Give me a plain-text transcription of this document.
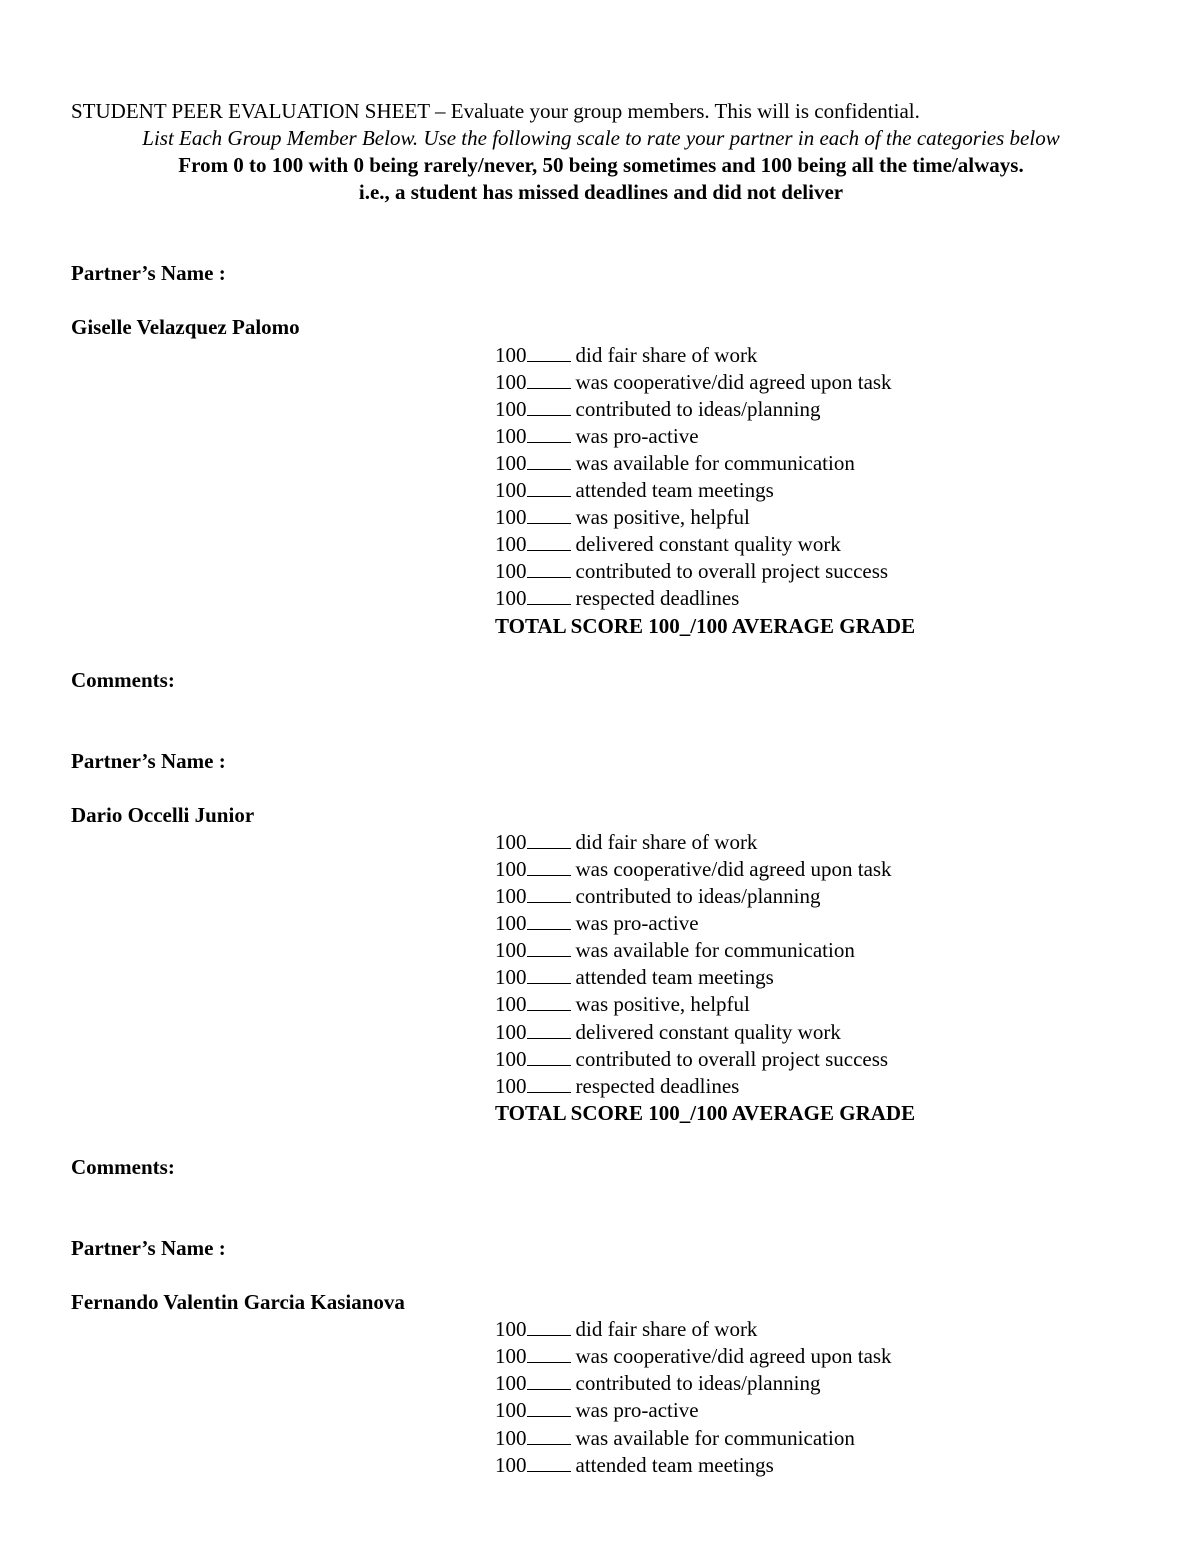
STUDENT PEER EVALUATION SHEET – Evaluate your group members. This will is confidential.
List Each Group Member Below. Use the following scale to rate your partner in each of the categories below
From 0 to 100 with 0 being rarely/never, 50 being sometimes and 100 being all the time/always.
i.e., a student has missed deadlines and did not deliver
Partner’s Name :
Giselle Velazquez Palomo
100 did fair share of work
100 was cooperative/did agreed upon task
100 contributed to ideas/planning
100 was pro-active
100 was available for communication
100 attended team meetings
100 was positive, helpful
100 delivered constant quality work
100 contributed to overall project success
100 respected deadlines
TOTAL SCORE 100_/100 AVERAGE GRADE
Comments:
Partner’s Name :
Dario Occelli Junior
100 did fair share of work
100 was cooperative/did agreed upon task
100 contributed to ideas/planning
100 was pro-active
100 was available for communication
100 attended team meetings
100 was positive, helpful
100 delivered constant quality work
100 contributed to overall project success
100 respected deadlines
TOTAL SCORE 100_/100 AVERAGE GRADE
Comments:
Partner’s Name :
Fernando Valentin Garcia Kasianova
100 did fair share of work
100 was cooperative/did agreed upon task
100 contributed to ideas/planning
100 was pro-active
100 was available for communication
100 attended team meetings
